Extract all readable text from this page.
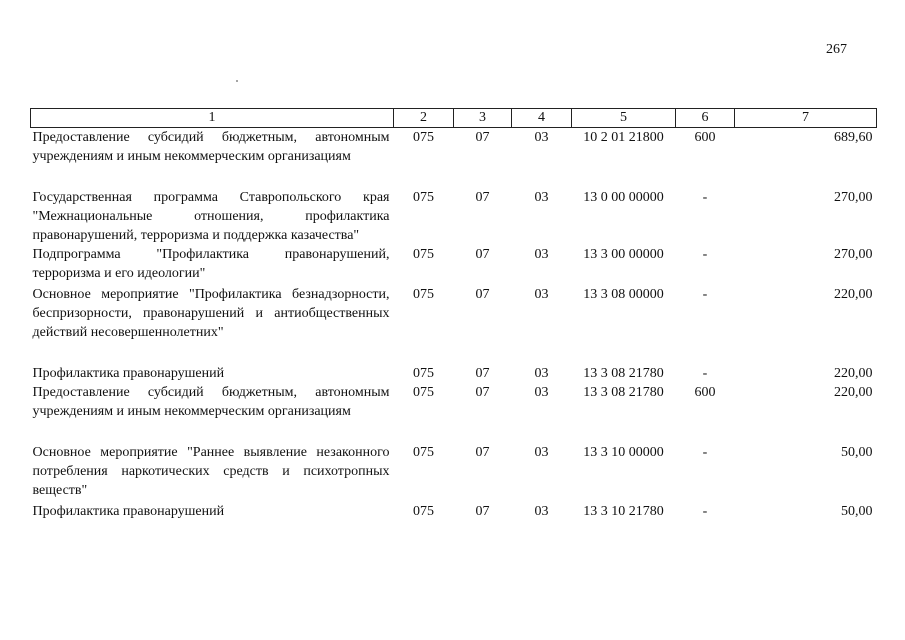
267
1	2	3	4	5	6	7
Предоставление субсидий бюджетным, автономным учреждениям и иным некоммерческим организациям	075	07	03	10 2 01 21800	600	689,60
Государственная программа Ставропольского края "Межнациональные отношения, профилактика правонарушений, терроризма и поддержка казачества"	075	07	03	13 0 00 00000	-	270,00
Подпрограмма "Профилактика правонарушений, терроризма и его идеологии"	075	07	03	13 3 00 00000	-	270,00
Основное мероприятие "Профилактика безнадзорности, беспризорности, правонарушений и антиобщественных действий несовершеннолетних"	075	07	03	13 3 08 00000	-	220,00
Профилактика правонарушений	075	07	03	13 3 08 21780	-	220,00
Предоставление субсидий бюджетным, автономным учреждениям и иным некоммерческим организациям	075	07	03	13 3 08 21780	600	220,00
Основное мероприятие "Раннее выявление незаконного потребления наркотических средств и психотропных веществ"	075	07	03	13 3 10 00000	-	50,00
Профилактика правонарушений	075	07	03	13 3 10 21780	-	50,00
